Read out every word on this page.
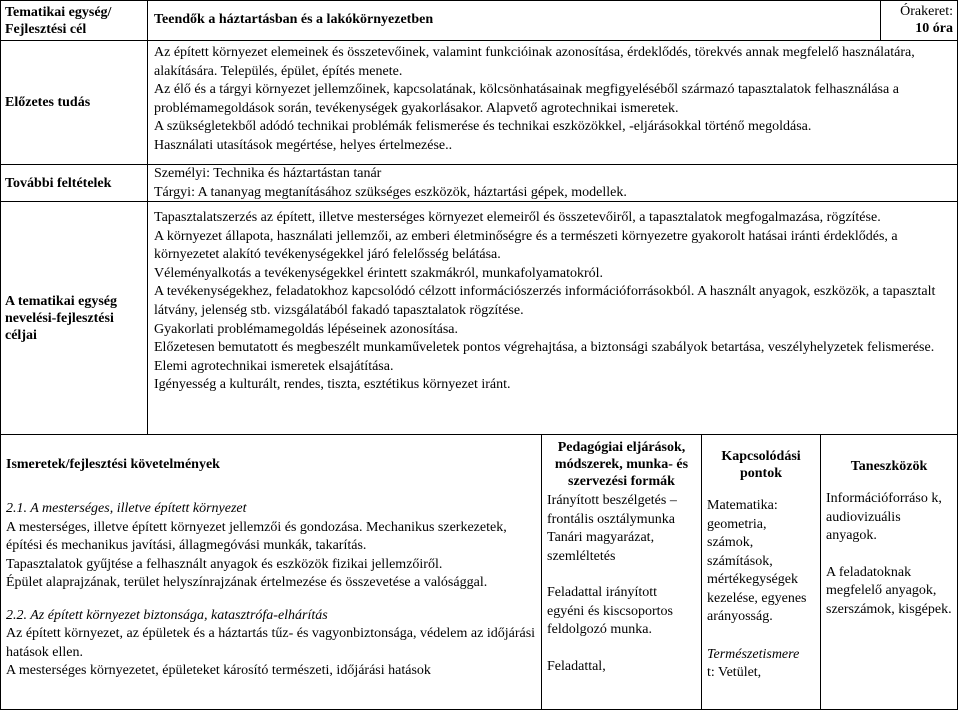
Tematikai egység/ Fejlesztési cél
Teendők a háztartásban és a lakókörnyezetben
Órakeret:
10 óra
Előzetes tudás
Az épített környezet elemeinek és összetevőinek, valamint funkcióinak azonosítása, érdeklődés, törekvés annak megfelelő használatára, alakítására. Település, épület, építés menete.
Az élő és a tárgyi környezet jellemzőinek, kapcsolatának, kölcsönhatásainak megfigyeléséből származó tapasztalatok felhasználása a problémamegoldások során, tevékenységek gyakorlásakor. Alapvető agrotechnikai ismeretek.
A szükségletekből adódó technikai problémák felismerése és technikai eszközökkel, -eljárásokkal történő megoldása.
Használati utasítások megértése, helyes értelmezése..
További feltételek
Személyi: Technika és háztartástan tanár
Tárgyi: A tananyag megtanításához szükséges eszközök, háztartási gépek, modellek.
A tematikai egység nevelési-fejlesztési céljai
Tapasztalatszerzés az épített, illetve mesterséges környezet elemeiről és összetevőiről, a tapasztalatok megfogalmazása, rögzítése.
A környezet állapota, használati jellemzői, az emberi életminőségre és a természeti környezetre gyakorolt hatásai iránti érdeklődés, a környezetet alakító tevékenységekkel járó felelősség belátása.
Véleményalkotás a tevékenységekkel érintett szakmákról, munkafolyamatokról.
A tevékenységekhez, feladatokhoz kapcsolódó célzott információszerzés információforrásokból. A használt anyagok, eszközök, a tapasztalt látvány, jelenség stb. vizsgálatából fakadó tapasztalatok rögzítése.
Gyakorlati problémamegoldás lépéseinek azonosítása.
Előzetesen bemutatott és megbeszélt munkaműveletek pontos végrehajtása, a biztonsági szabályok betartása, veszélyhelyzetek felismerése.
Elemi agrotechnikai ismeretek elsajátítása.
Igényesség a kulturált, rendes, tiszta, esztétikus környezet iránt.
Ismeretek/fejlesztési követelmények
2.1. A mesterséges, illetve épített környezet
A mesterséges, illetve épített környezet jellemzői és gondozása. Mechanikus szerkezetek, építési és mechanikus javítási, állagmegóvási munkák, takarítás.
Tapasztalatok gyűjtése a felhasznált anyagok és eszközök fizikai jellemzőiről.
Épület alaprajzának, terület helyszínrajzának értelmezése és összevetése a valósággal.
2.2. Az épített környezet biztonsága, katasztrófa-elhárítás
Az épített környezet, az épületek és a háztartás tűz- és vagyonbiztonsága, védelem az időjárási hatások ellen.
A mesterséges környezetet, épületeket károsító természeti, időjárási hatások
Pedagógiai eljárások, módszerek, munka- és szervezési formák
Irányított beszélgetés – frontális osztálymunka Tanári magyarázat, szemléltetés
Feladattal irányított egyéni és kiscsoportos feldolgozó munka.
Feladattal,
Kapcsolódási pontok
Matematika: geometria, számok, számítások, mértékegységek kezelése, egyenes arányosság.
Természetismere
t: Vetület,
Taneszközök
Információforrásо k, audiovizuális anyagok.
A feladatoknak megfelelő anyagok, szerszámok, kisgépek.
